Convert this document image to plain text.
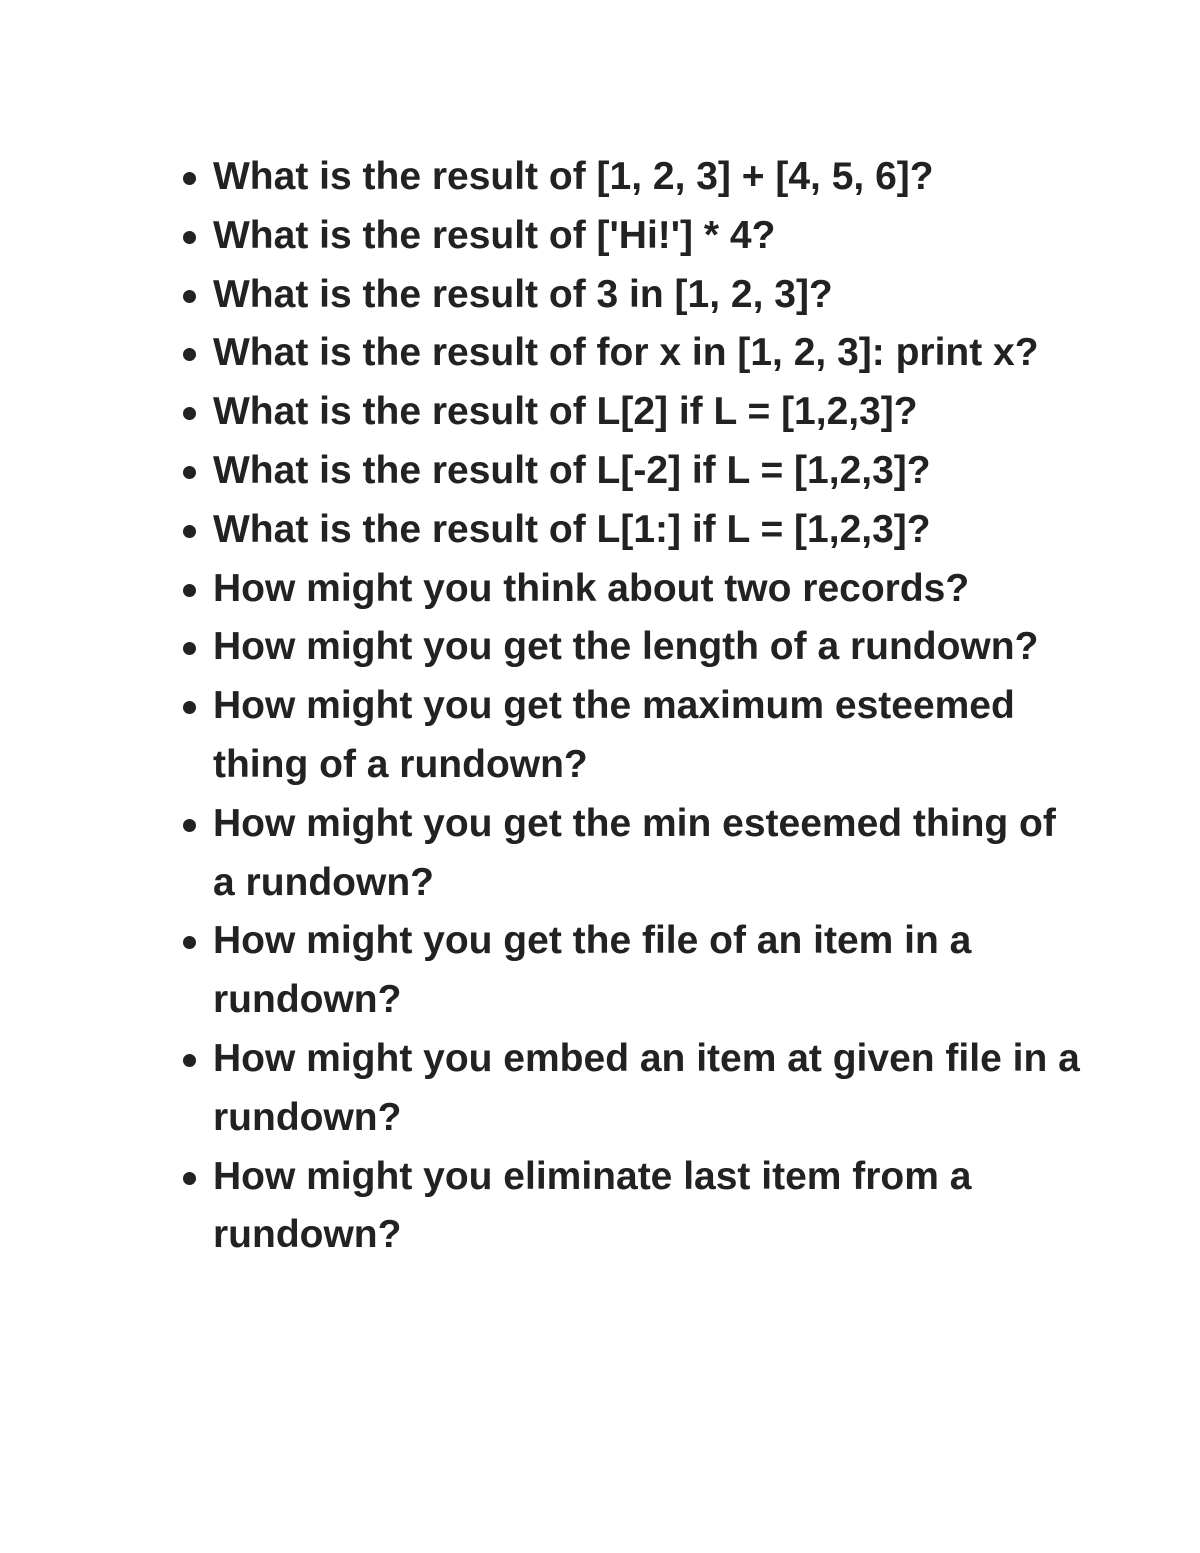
What is the result of [1, 2, 3] + [4, 5, 6]?
What is the result of ['Hi!'] * 4?
What is the result of 3 in [1, 2, 3]?
What is the result of for x in [1, 2, 3]: print x?
What is the result of L[2] if L = [1,2,3]?
What is the result of L[-2] if L = [1,2,3]?
What is the result of L[1:] if L = [1,2,3]?
How might you think about two records?
How might you get the length of a rundown?
How might you get the maximum esteemed thing of a rundown?
How might you get the min esteemed thing of a rundown?
How might you get the file of an item in a rundown?
How might you embed an item at given file in a rundown?
How might you eliminate last item from a rundown?
